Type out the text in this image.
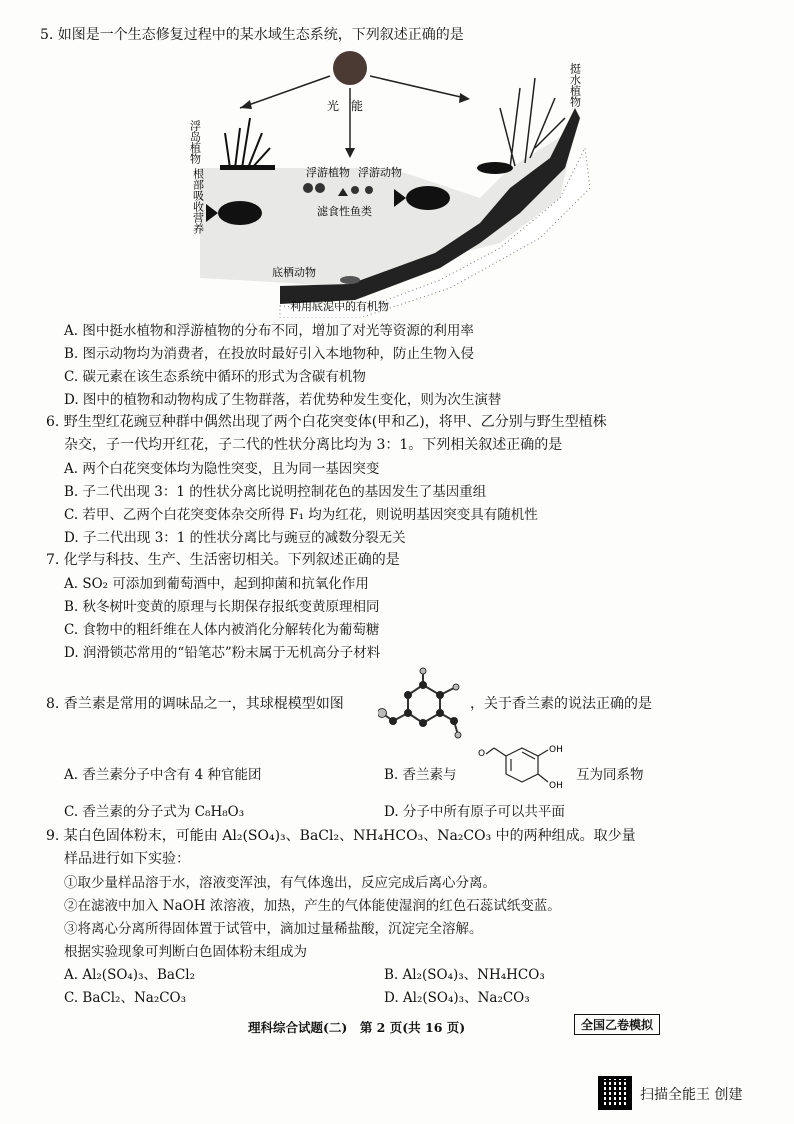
5. 如图是一个生态修复过程中的某水域生态系统，下列叙述正确的是
光　能
浮岛植物
根部吸收营养
挺水植物
浮游植物 浮游动物
滤食性鱼类
底栖动物
利用底泥中的有机物
A. 图中挺水植物和浮游植物的分布不同，增加了对光等资源的利用率
B. 图示动物均为消费者，在投放时最好引入本地物种，防止生物入侵
C. 碳元素在该生态系统中循环的形式为含碳有机物
D. 图中的植物和动物构成了生物群落，若优势种发生变化，则为次生演替
6. 野生型红花豌豆种群中偶然出现了两个白花突变体(甲和乙)，将甲、乙分别与野生型植株
杂交，子一代均开红花，子二代的性状分离比均为 3：1。下列相关叙述正确的是
A. 两个白花突变体均为隐性突变，且为同一基因突变
B. 子二代出现 3：1 的性状分离比说明控制花色的基因发生了基因重组
C. 若甲、乙两个白花突变体杂交所得 F₁ 均为红花，则说明基因突变具有随机性
D. 子二代出现 3：1 的性状分离比与豌豆的减数分裂无关
7. 化学与科技、生产、生活密切相关。下列叙述正确的是
A. SO₂ 可添加到葡萄酒中，起到抑菌和抗氧化作用
B. 秋冬树叶变黄的原理与长期保存报纸变黄原理相同
C. 食物中的粗纤维在人体内被消化分解转化为葡萄糖
D. 润滑锁芯常用的“铅笔芯”粉末属于无机高分子材料
8. 香兰素是常用的调味品之一，其球棍模型如图	，关于香兰素的说法正确的是
A. 香兰素分子中含有 4 种官能团	B. 香兰素与
O	OH
OH
互为同系物
C. 香兰素的分子式为 C₈H₈O₃	D. 分子中所有原子可以共平面
9. 某白色固体粉末，可能由 Al₂(SO₄)₃、BaCl₂、NH₄HCO₃、Na₂CO₃ 中的两种组成。取少量
样品进行如下实验：
①取少量样品溶于水，溶液变浑浊，有气体逸出，反应完成后离心分离。
②在滤液中加入 NaOH 浓溶液，加热，产生的气体能使湿润的红色石蕊试纸变蓝。
③将离心分离所得固体置于试管中，滴加过量稀盐酸，沉淀完全溶解。
根据实验现象可判断白色固体粉末组成为
A. Al₂(SO₄)₃、BaCl₂	B. Al₂(SO₄)₃、NH₄HCO₃
C. BaCl₂、Na₂CO₃	D. Al₂(SO₄)₃、Na₂CO₃
理科综合试题(二)　第 2 页(共 16 页)	全国乙卷模拟
扫描全能王 创建
